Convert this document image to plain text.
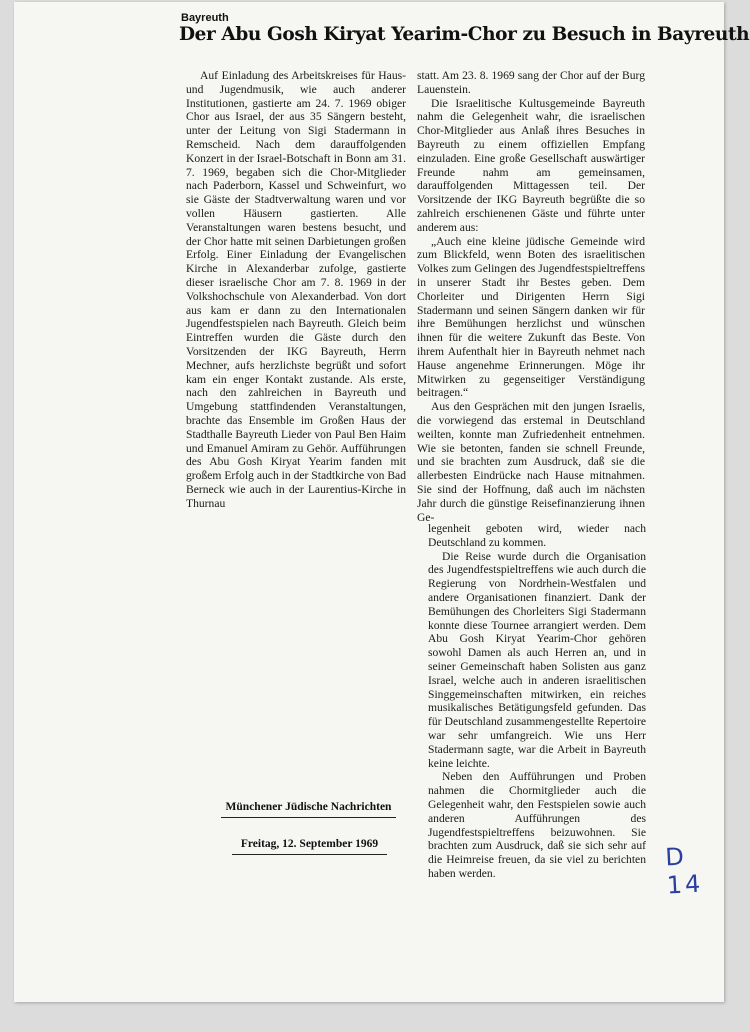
Bayreuth
Der Abu Gosh Kiryat Yearim-Chor zu Besuch in Bayreuth

Auf Einladung des Arbeitskreises für Haus- und Jugendmusik, wie auch anderer Institutionen, gastierte am 24. 7. 1969 obiger Chor aus Israel, der aus 35 Sängern besteht, unter der Leitung von Sigi Stadermann in Remscheid. Nach dem darauffolgenden Konzert in der Israel-Botschaft in Bonn am 31. 7. 1969, begaben sich die Chor-Mitglieder nach Paderborn, Kassel und Schweinfurt, wo sie Gäste der Stadtverwaltung waren und vor vollen Häusern gastierten. Alle Veranstaltungen waren bestens besucht, und der Chor hatte mit seinen Darbietungen großen Erfolg. Einer Einladung der Evangelischen Kirche in Alexanderbar zufolge, gastierte dieser israelische Chor am 7. 8. 1969 in der Volkshochschule von Alexanderbad. Von dort aus kam er dann zu den Internationalen Jugendfestspielen nach Bayreuth. Gleich beim Eintreffen wurden die Gäste durch den Vorsitzenden der IKG Bayreuth, Herrn Mechner, aufs herzlichste begrüßt und sofort kam ein enger Kontakt zustande. Als erste, nach den zahlreichen in Bayreuth und Umgebung stattfindenden Veranstaltungen, brachte das Ensemble im Großen Haus der Stadthalle Bayreuth Lieder von Paul Ben Haim und Emanuel Amiram zu Gehör. Aufführungen des Abu Gosh Kiryat Yearim fanden mit großem Erfolg auch in der Stadtkirche von Bad Berneck wie auch in der Laurentius-Kirche in Thurnau

statt. Am 23. 8. 1969 sang der Chor auf der Burg Lauenstein.

Die Israelitische Kultusgemeinde Bayreuth nahm die Gelegenheit wahr, die israelischen Chor-Mitglieder aus Anlaß ihres Besuches in Bayreuth zu einem offiziellen Empfang einzuladen. Eine große Gesellschaft auswärtiger Freunde nahm am gemeinsamen, darauffolgenden Mittagessen teil. Der Vorsitzende der IKG Bayreuth begrüßte die so zahlreich erschienenen Gäste und führte unter anderem aus:

„Auch eine kleine jüdische Gemeinde wird zum Blickfeld, wenn Boten des israelitischen Volkes zum Gelingen des Jugendfestspieltreffens in unserer Stadt ihr Bestes geben. Dem Chorleiter und Dirigenten Herrn Sigi Stadermann und seinen Sängern danken wir für ihre Bemühungen herzlichst und wünschen ihnen für die weitere Zukunft das Beste. Von ihrem Aufenthalt hier in Bayreuth nehmet nach Hause angenehme Erinnerungen. Möge ihr Mitwirken zu gegenseitiger Verständigung beitragen.“

Aus den Gesprächen mit den jungen Israelis, die vorwiegend das erstemal in Deutschland weilten, konnte man Zufriedenheit entnehmen. Wie sie betonten, fanden sie schnell Freunde, und sie brachten zum Ausdruck, daß sie die allerbesten Eindrücke nach Hause mitnahmen. Sie sind der Hoffnung, daß auch im nächsten Jahr durch die günstige Reisefinanzierung ihnen Ge-

legenheit geboten wird, wieder nach Deutschland zu kommen.

Die Reise wurde durch die Organisation des Jugendfestspieltreffens wie auch durch die Regierung von Nordrhein-Westfalen und andere Organisationen finanziert. Dank der Bemühungen des Chorleiters Sigi Stadermann konnte diese Tournee arrangiert werden. Dem Abu Gosh Kiryat Yearim-Chor gehören sowohl Damen als auch Herren an, und in seiner Gemeinschaft haben Solisten aus ganz Israel, welche auch in anderen israelitischen Singgemeinschaften mitwirken, ein reiches musikalisches Betätigungsfeld gefunden. Das für Deutschland zusammengestellte Repertoire war sehr umfangreich. Wie uns Herr Stadermann sagte, war die Arbeit in Bayreuth keine leichte.

Neben den Aufführungen und Proben nahmen die Chormitglieder auch die Gelegenheit wahr, den Festspielen sowie auch anderen Aufführungen des Jugendfestspieltreffens beizuwohnen. Sie brachten zum Ausdruck, daß sie sich sehr auf die Heimreise freuen, da sie viel zu berichten haben werden.

Münchener Jüdische Nachrichten
Freitag, 12. September 1969	D 14
